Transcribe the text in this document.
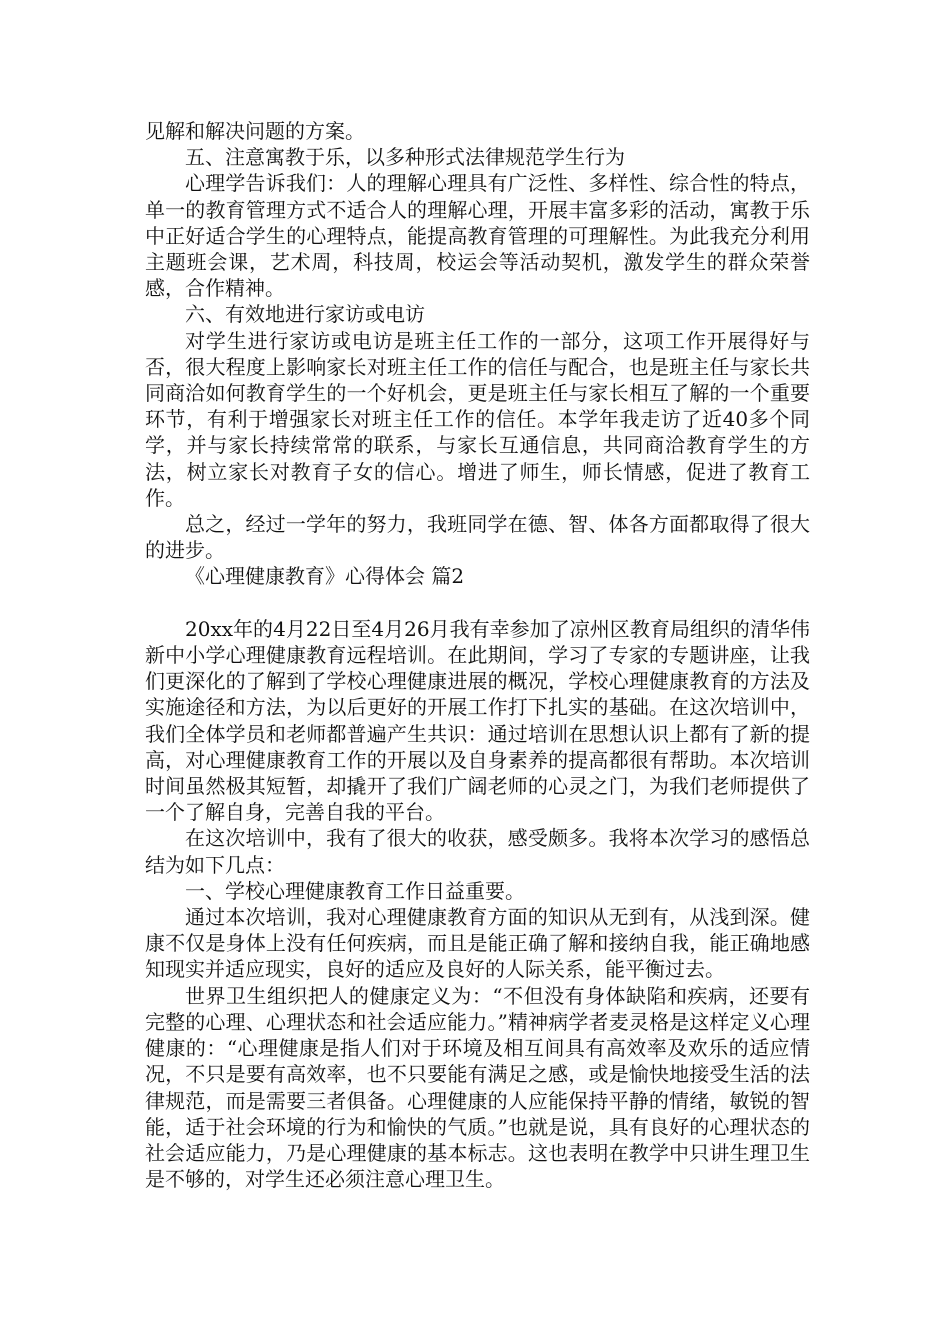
见解和解决问题的方案。

五、注意寓教于乐，以多种形式法律规范学生行为

心理学告诉我们：人的理解心理具有广泛性、多样性、综合性的特点，单一的教育管理方式不适合人的理解心理，开展丰富多彩的活动，寓教于乐中正好适合学生的心理特点，能提高教育管理的可理解性。为此我充分利用主题班会课，艺术周，科技周，校运会等活动契机，激发学生的群众荣誉感，合作精神。

六、有效地进行家访或电访

对学生进行家访或电访是班主任工作的一部分，这项工作开展得好与否，很大程度上影响家长对班主任工作的信任与配合，也是班主任与家长共同商洽如何教育学生的一个好机会，更是班主任与家长相互了解的一个重要环节，有利于增强家长对班主任工作的信任。本学年我走访了近40多个同学，并与家长持续常常的联系，与家长互通信息，共同商洽教育学生的方法，树立家长对教育子女的信心。增进了师生，师长情感，促进了教育工作。

总之，经过一学年的努力，我班同学在德、智、体各方面都取得了很大的进步。

《心理健康教育》心得体会 篇2

20xx年的4月22日至4月26月我有幸参加了凉州区教育局组织的清华伟新中小学心理健康教育远程培训。在此期间，学习了专家的专题讲座，让我们更深化的了解到了学校心理健康进展的概况，学校心理健康教育的方法及实施途径和方法，为以后更好的开展工作打下扎实的基础。在这次培训中，我们全体学员和老师都普遍产生共识：通过培训在思想认识上都有了新的提高，对心理健康教育工作的开展以及自身素养的提高都很有帮助。本次培训时间虽然极其短暂，却撬开了我们广阔老师的心灵之门，为我们老师提供了一个了解自身，完善自我的平台。

在这次培训中，我有了很大的收获，感受颇多。我将本次学习的感悟总结为如下几点：

一、学校心理健康教育工作日益重要。

通过本次培训，我对心理健康教育方面的知识从无到有，从浅到深。健康不仅是身体上没有任何疾病，而且是能正确了解和接纳自我，能正确地感知现实并适应现实，良好的适应及良好的人际关系，能平衡过去。

世界卫生组织把人的健康定义为：“不但没有身体缺陷和疾病，还要有完整的心理、心理状态和社会适应能力。”精神病学者麦灵格是这样定义心理健康的：“心理健康是指人们对于环境及相互间具有高效率及欢乐的适应情况，不只是要有高效率，也不只要能有满足之感，或是愉快地接受生活的法律规范，而是需要三者俱备。心理健康的人应能保持平静的情绪，敏锐的智能，适于社会环境的行为和愉快的气质。”也就是说，具有良好的心理状态的社会适应能力，乃是心理健康的基本标志。这也表明在教学中只讲生理卫生是不够的，对学生还必须注意心理卫生。
